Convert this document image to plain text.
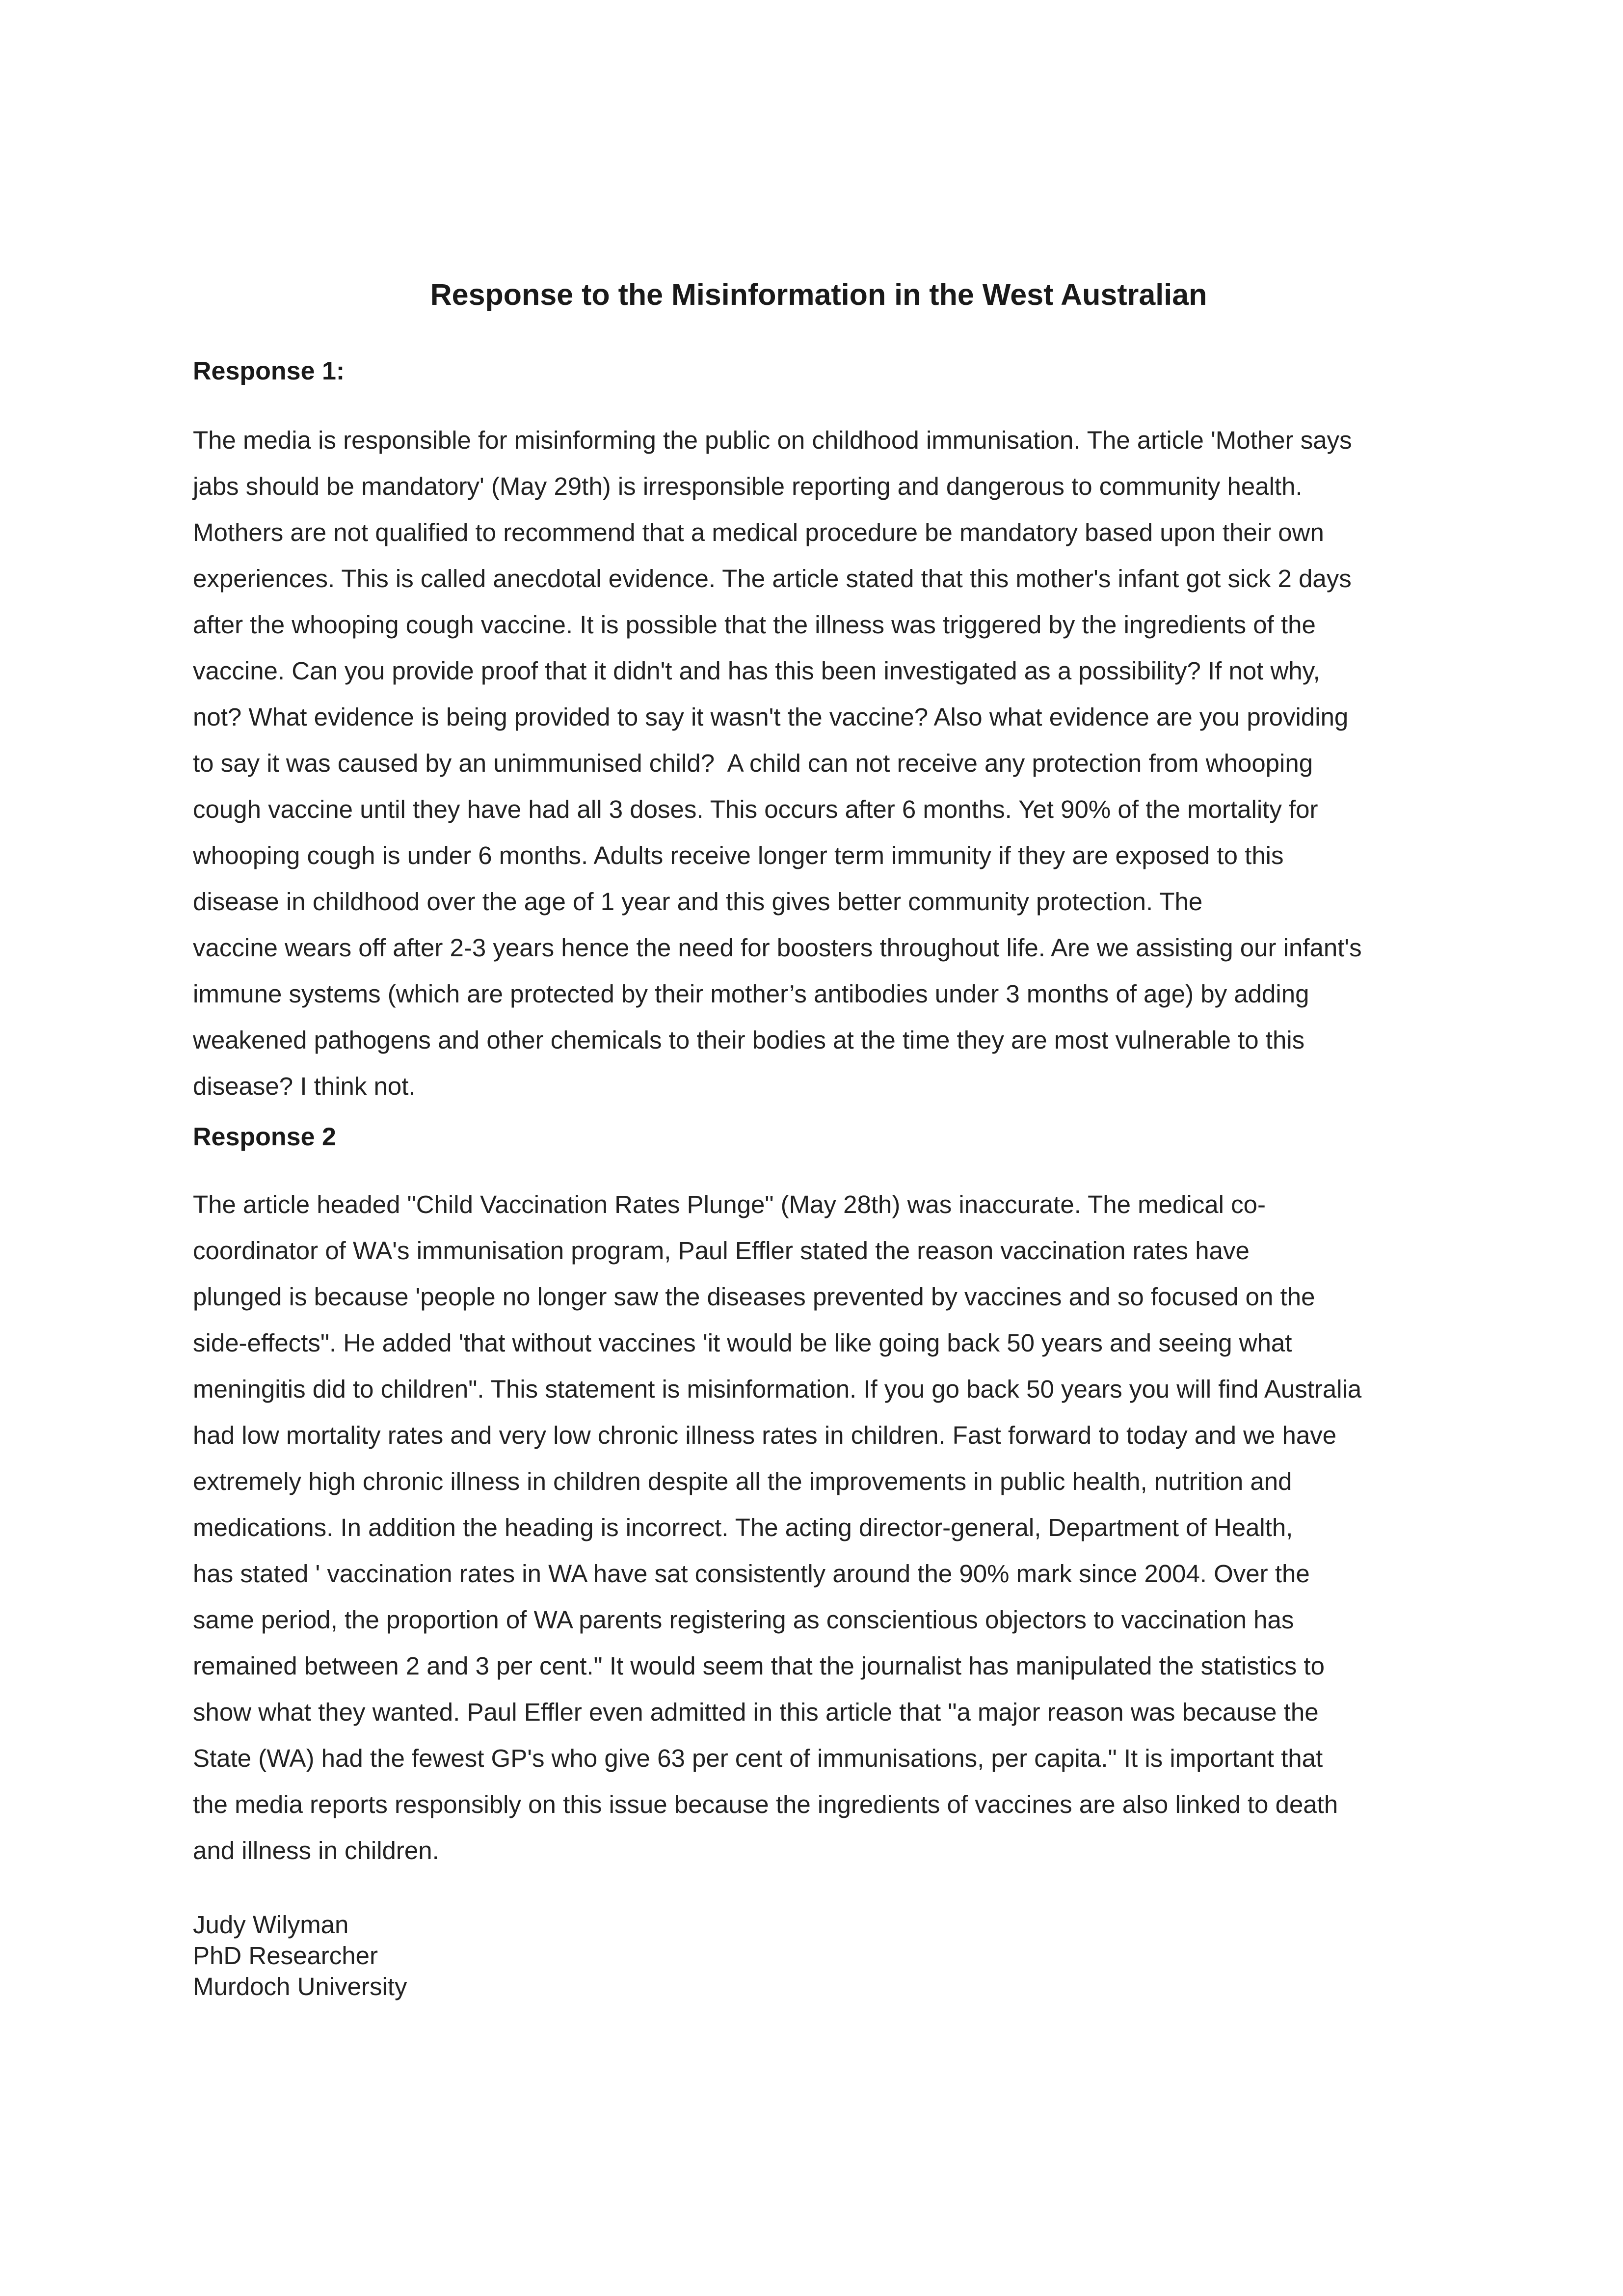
Response to the Misinformation in the West Australian
Response 1:
The media is responsible for misinforming the public on childhood immunisation. The article 'Mother says
jabs should be mandatory' (May 29th) is irresponsible reporting and dangerous to community health.
Mothers are not qualified to recommend that a medical procedure be mandatory based upon their own
experiences. This is called anecdotal evidence. The article stated that this mother's infant got sick 2 days
after the whooping cough vaccine. It is possible that the illness was triggered by the ingredients of the
vaccine. Can you provide proof that it didn't and has this been investigated as a possibility? If not why,
not? What evidence is being provided to say it wasn't the vaccine? Also what evidence are you providing
to say it was caused by an unimmunised child?  A child can not receive any protection from whooping
cough vaccine until they have had all 3 doses. This occurs after 6 months. Yet 90% of the mortality for
whooping cough is under 6 months. Adults receive longer term immunity if they are exposed to this
disease in childhood over the age of 1 year and this gives better community protection. The
vaccine wears off after 2-3 years hence the need for boosters throughout life. Are we assisting our infant's
immune systems (which are protected by their mother’s antibodies under 3 months of age) by adding
weakened pathogens and other chemicals to their bodies at the time they are most vulnerable to this
disease? I think not.
Response 2
The article headed "Child Vaccination Rates Plunge" (May 28th) was inaccurate. The medical co-
coordinator of WA's immunisation program, Paul Effler stated the reason vaccination rates have
plunged is because 'people no longer saw the diseases prevented by vaccines and so focused on the
side-effects". He added 'that without vaccines 'it would be like going back 50 years and seeing what
meningitis did to children". This statement is misinformation. If you go back 50 years you will find Australia
had low mortality rates and very low chronic illness rates in children. Fast forward to today and we have
extremely high chronic illness in children despite all the improvements in public health, nutrition and
medications. In addition the heading is incorrect. The acting director-general, Department of Health,
has stated ' vaccination rates in WA have sat consistently around the 90% mark since 2004. Over the
same period, the proportion of WA parents registering as conscientious objectors to vaccination has
remained between 2 and 3 per cent." It would seem that the journalist has manipulated the statistics to
show what they wanted. Paul Effler even admitted in this article that "a major reason was because the
State (WA) had the fewest GP's who give 63 per cent of immunisations, per capita." It is important that
the media reports responsibly on this issue because the ingredients of vaccines are also linked to death
and illness in children.
Judy Wilyman
PhD Researcher
Murdoch University
